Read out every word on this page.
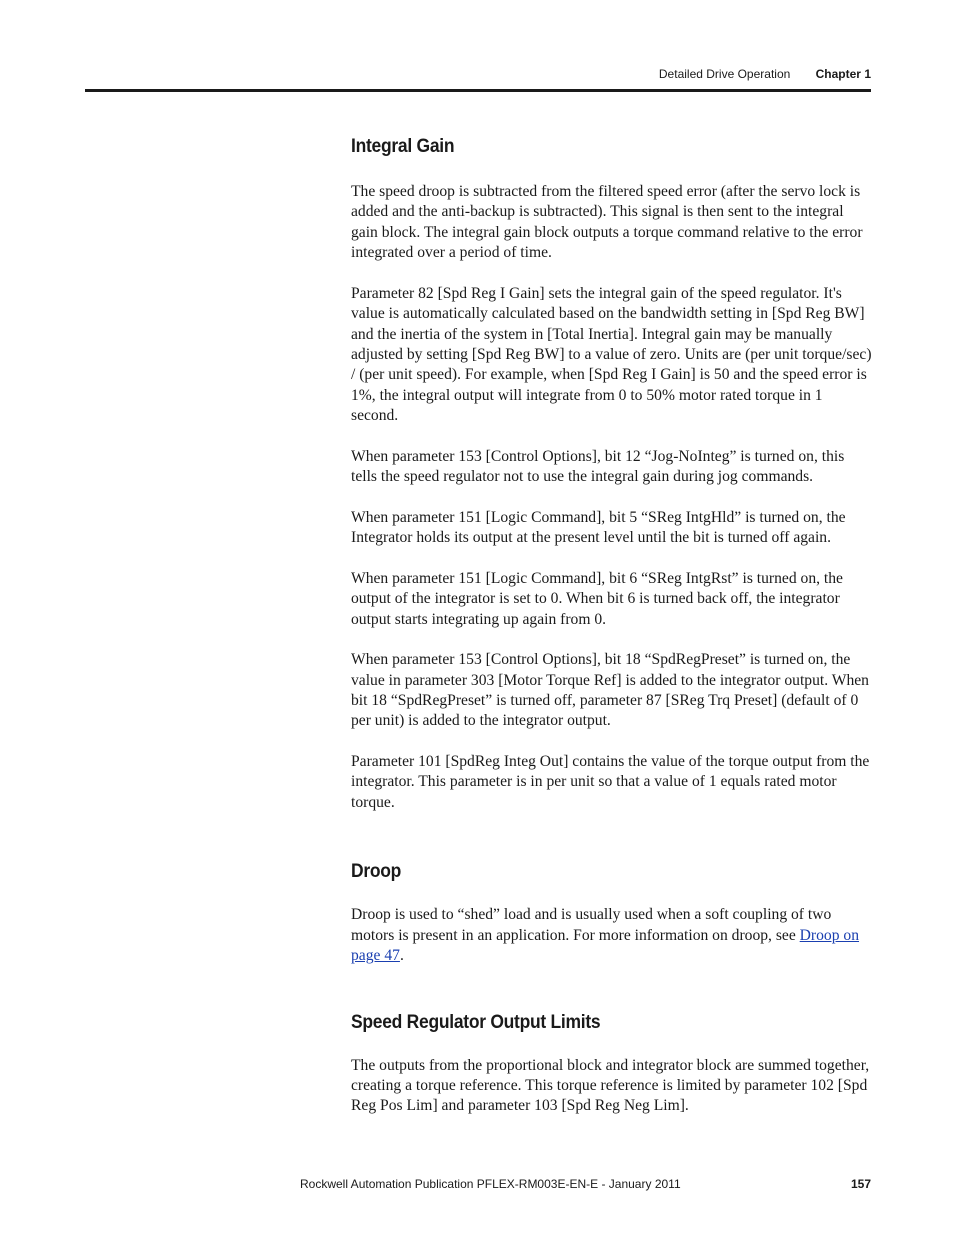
Detailed Drive Operation Chapter 1
Integral Gain

The speed droop is subtracted from the filtered speed error (after the servo lock is added and the anti-backup is subtracted). This signal is then sent to the integral gain block. The integral gain block outputs a torque command relative to the error integrated over a period of time.

Parameter 82 [Spd Reg I Gain] sets the integral gain of the speed regulator. It's value is automatically calculated based on the bandwidth setting in [Spd Reg BW] and the inertia of the system in [Total Inertia]. Integral gain may be manually adjusted by setting [Spd Reg BW] to a value of zero. Units are (per unit torque/sec) / (per unit speed). For example, when [Spd Reg I Gain] is 50 and the speed error is 1%, the integral output will integrate from 0 to 50% motor rated torque in 1 second.

When parameter 153 [Control Options], bit 12 “Jog-NoInteg” is turned on, this tells the speed regulator not to use the integral gain during jog commands.

When parameter 151 [Logic Command], bit 5 “SReg IntgHld” is turned on, the Integrator holds its output at the present level until the bit is turned off again.

When parameter 151 [Logic Command], bit 6 “SReg IntgRst” is turned on, the output of the integrator is set to 0. When bit 6 is turned back off, the integrator output starts integrating up again from 0.

When parameter 153 [Control Options], bit 18 “SpdRegPreset” is turned on, the value in parameter 303 [Motor Torque Ref] is added to the integrator output. When bit 18 “SpdRegPreset” is turned off, parameter 87 [SReg Trq Preset] (default of 0 per unit) is added to the integrator output.

Parameter 101 [SpdReg Integ Out] contains the value of the torque output from the integrator. This parameter is in per unit so that a value of 1 equals rated motor torque.

Droop

Droop is used to “shed” load and is usually used when a soft coupling of two motors is present in an application. For more information on droop, see Droop on page 47.

Speed Regulator Output Limits

The outputs from the proportional block and integrator block are summed together, creating a torque reference. This torque reference is limited by parameter 102 [Spd Reg Pos Lim] and parameter 103 [Spd Reg Neg Lim].

Rockwell Automation Publication PFLEX-RM003E-EN-E - January 2011	157
